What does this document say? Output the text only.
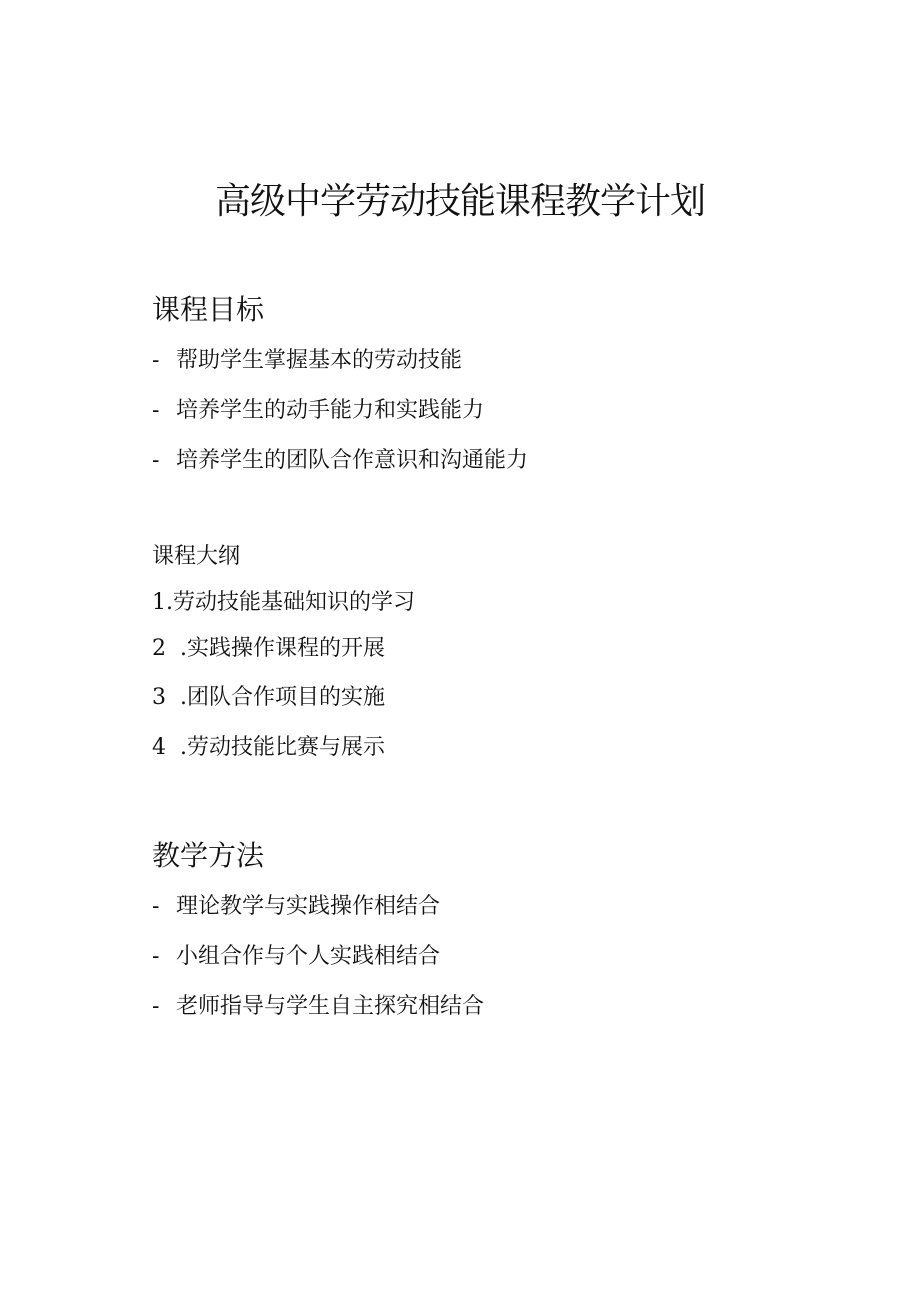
高级中学劳动技能课程教学计划
课程目标
- 帮助学生掌握基本的劳动技能
- 培养学生的动手能力和实践能力
- 培养学生的团队合作意识和沟通能力
课程大纲
1.劳动技能基础知识的学习
2 .实践操作课程的开展
3 .团队合作项目的实施
4 .劳动技能比赛与展示
教学方法
- 理论教学与实践操作相结合
- 小组合作与个人实践相结合
- 老师指导与学生自主探究相结合
